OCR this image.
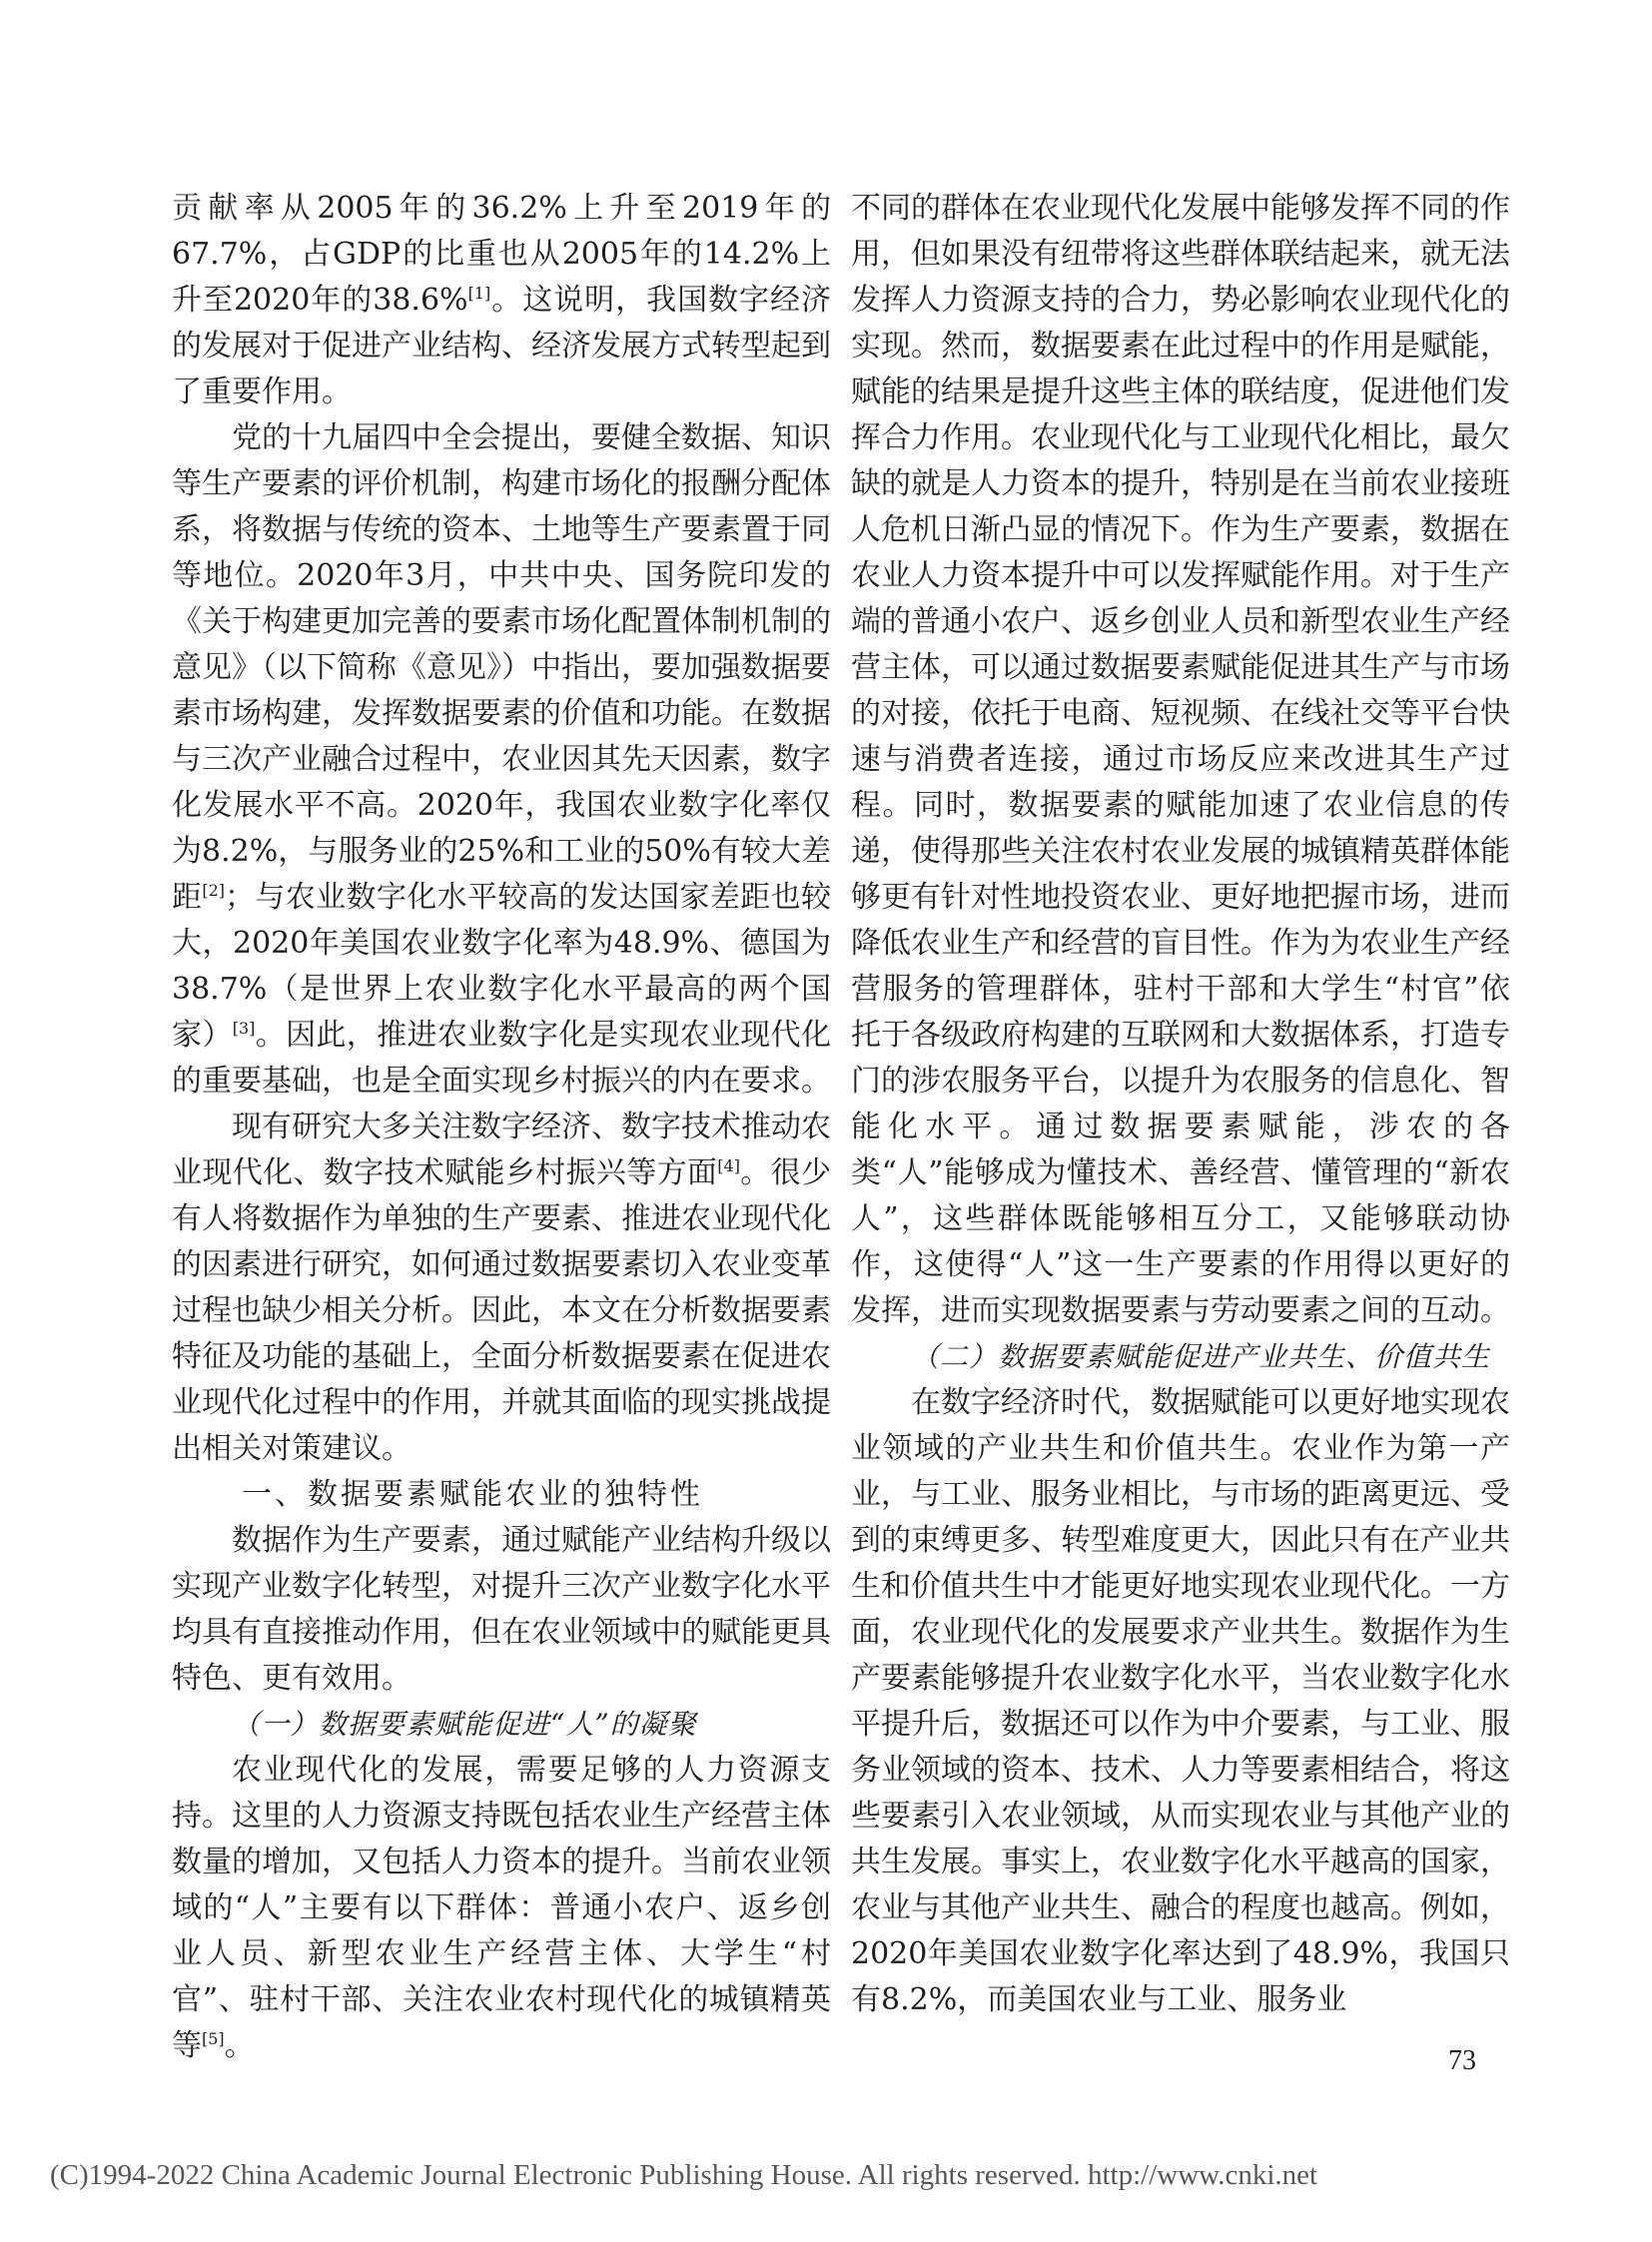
贡献率从2005年的36.2%上升至2019年的67.7%，占GDP的比重也从2005年的14.2%上升至2020年的38.6%[1]。这说明，我国数字经济的发展对于促进产业结构、经济发展方式转型起到了重要作用。

党的十九届四中全会提出，要健全数据、知识等生产要素的评价机制，构建市场化的报酬分配体系，将数据与传统的资本、土地等生产要素置于同等地位。2020年3月，中共中央、国务院印发的《关于构建更加完善的要素市场化配置体制机制的意见》（以下简称《意见》）中指出，要加强数据要素市场构建，发挥数据要素的价值和功能。在数据与三次产业融合过程中，农业因其先天因素，数字化发展水平不高。2020年，我国农业数字化率仅为8.2%，与服务业的25%和工业的50%有较大差距[2]；与农业数字化水平较高的发达国家差距也较大，2020年美国农业数字化率为48.9%、德国为38.7%（是世界上农业数字化水平最高的两个国家）[3]。因此，推进农业数字化是实现农业现代化的重要基础，也是全面实现乡村振兴的内在要求。

现有研究大多关注数字经济、数字技术推动农业现代化、数字技术赋能乡村振兴等方面[4]。很少有人将数据作为单独的生产要素、推进农业现代化的因素进行研究，如何通过数据要素切入农业变革过程也缺少相关分析。因此，本文在分析数据要素特征及功能的基础上，全面分析数据要素在促进农业现代化过程中的作用，并就其面临的现实挑战提出相关对策建议。

一、数据要素赋能农业的独特性

数据作为生产要素，通过赋能产业结构升级以实现产业数字化转型，对提升三次产业数字化水平均具有直接推动作用，但在农业领域中的赋能更具特色、更有效用。

（一）数据要素赋能促进“人”的凝聚

农业现代化的发展，需要足够的人力资源支持。这里的人力资源支持既包括农业生产经营主体数量的增加，又包括人力资本的提升。当前农业领域的“人”主要有以下群体：普通小农户、返乡创业人员、新型农业生产经营主体、大学生“村官”、驻村干部、关注农业农村现代化的城镇精英等[5]。

不同的群体在农业现代化发展中能够发挥不同的作用，但如果没有纽带将这些群体联结起来，就无法发挥人力资源支持的合力，势必影响农业现代化的实现。然而，数据要素在此过程中的作用是赋能，赋能的结果是提升这些主体的联结度，促进他们发挥合力作用。农业现代化与工业现代化相比，最欠缺的就是人力资本的提升，特别是在当前农业接班人危机日渐凸显的情况下。作为生产要素，数据在农业人力资本提升中可以发挥赋能作用。对于生产端的普通小农户、返乡创业人员和新型农业生产经营主体，可以通过数据要素赋能促进其生产与市场的对接，依托于电商、短视频、在线社交等平台快速与消费者连接，通过市场反应来改进其生产过程。同时，数据要素的赋能加速了农业信息的传递，使得那些关注农村农业发展的城镇精英群体能够更有针对性地投资农业、更好地把握市场，进而降低农业生产和经营的盲目性。作为为农业生产经营服务的管理群体，驻村干部和大学生“村官”依托于各级政府构建的互联网和大数据体系，打造专门的涉农服务平台，以提升为农服务的信息化、智能化水平。通过数据要素赋能，涉农的各类“人”能够成为懂技术、善经营、懂管理的“新农人”，这些群体既能够相互分工，又能够联动协作，这使得“人”这一生产要素的作用得以更好的发挥，进而实现数据要素与劳动要素之间的互动。

（二）数据要素赋能促进产业共生、价值共生

在数字经济时代，数据赋能可以更好地实现农业领域的产业共生和价值共生。农业作为第一产业，与工业、服务业相比，与市场的距离更远、受到的束缚更多、转型难度更大，因此只有在产业共生和价值共生中才能更好地实现农业现代化。一方面，农业现代化的发展要求产业共生。数据作为生产要素能够提升农业数字化水平，当农业数字化水平提升后，数据还可以作为中介要素，与工业、服务业领域的资本、技术、人力等要素相结合，将这些要素引入农业领域，从而实现农业与其他产业的共生发展。事实上，农业数字化水平越高的国家，农业与其他产业共生、融合的程度也越高。例如，2020年美国农业数字化率达到了48.9%，我国只有8.2%，而美国农业与工业、服务业

73
(C)1994-2022 China Academic Journal Electronic Publishing House. All rights reserved. http://www.cnki.net
